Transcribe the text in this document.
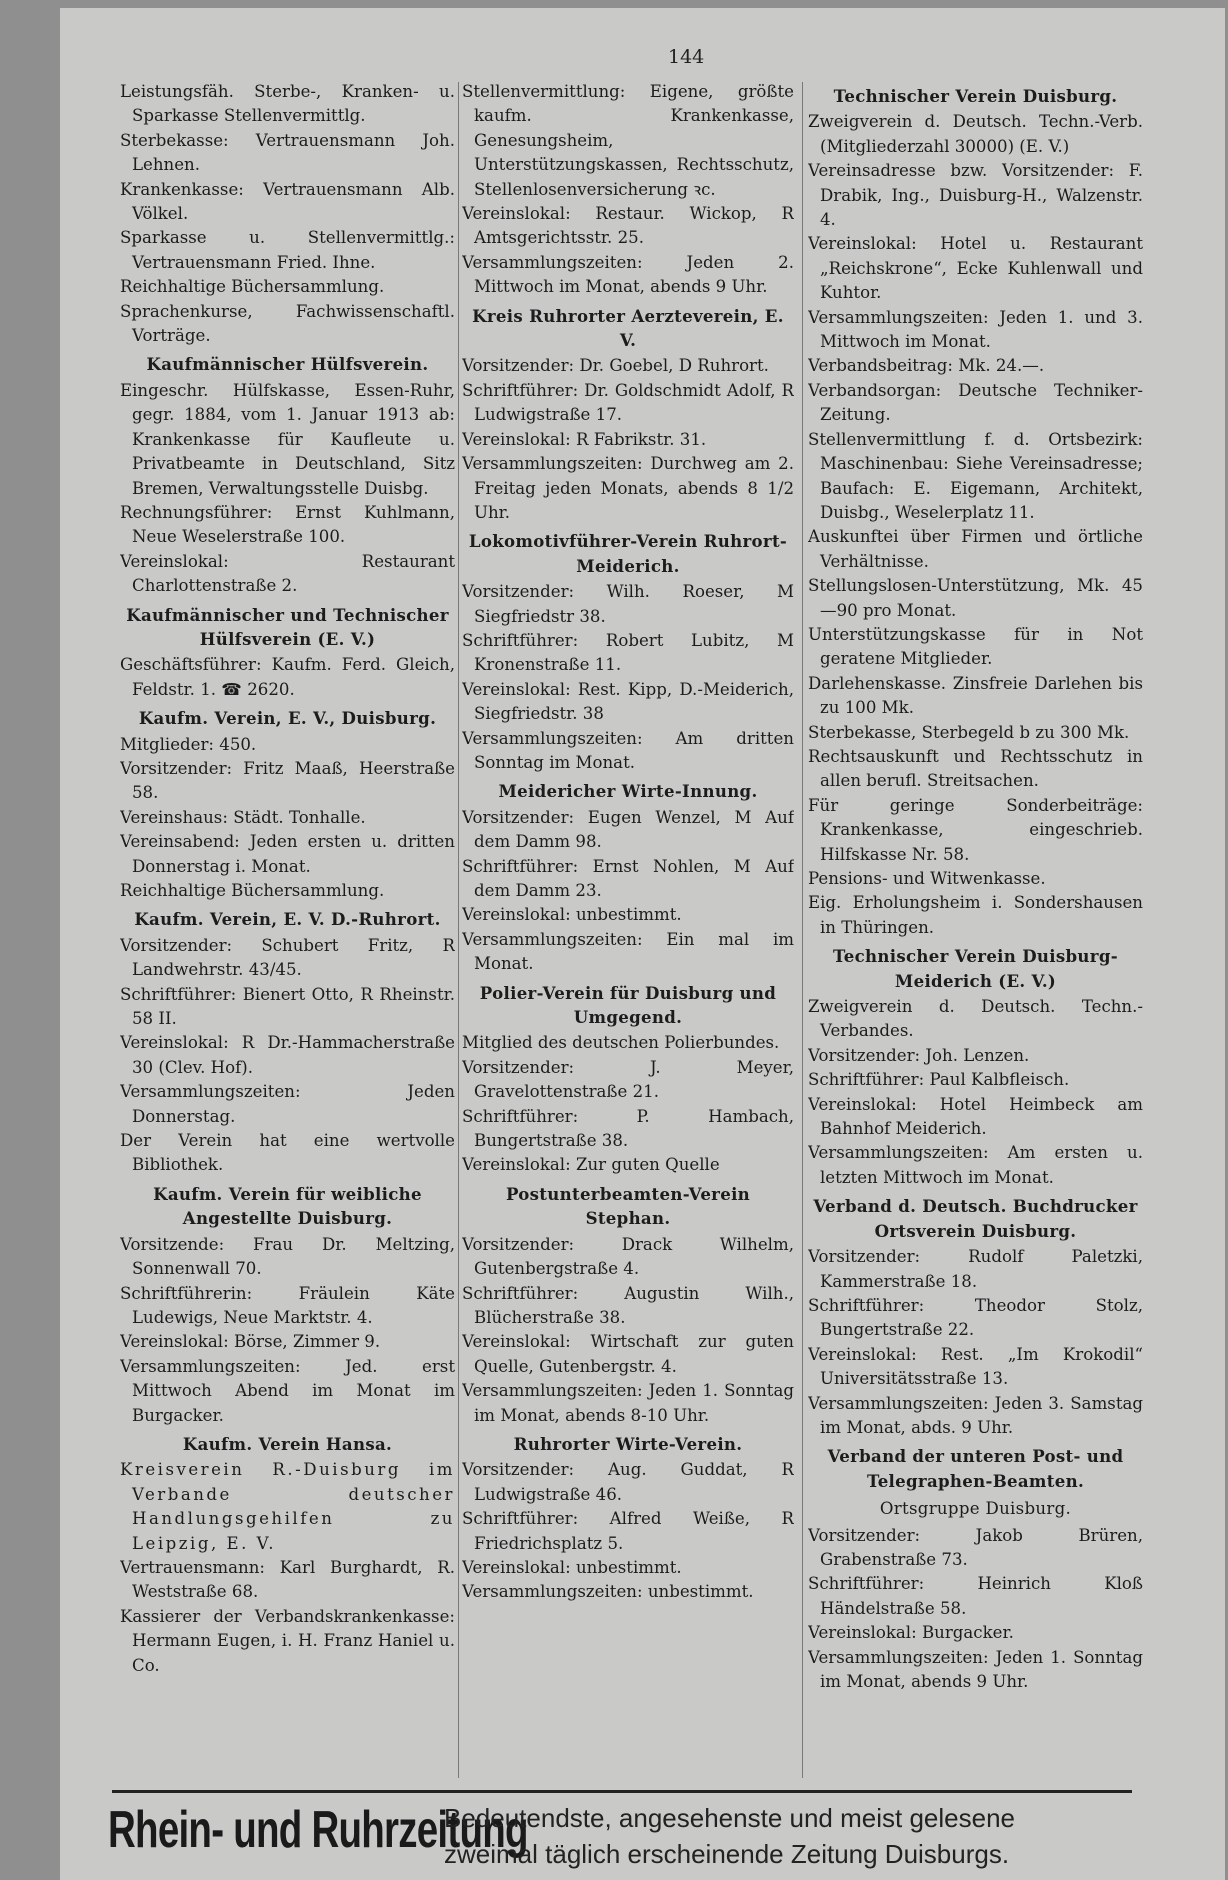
144

Leistungsfäh. Sterbe-, Kranken- u. Sparkasse Stellenvermittlg.

Sterbekasse: Vertrauensmann Joh. Lehnen.

Krankenkasse: Vertrauensmann Alb. Völkel.

Sparkasse u. Stellenvermittlg.: Vertrauensmann Fried. Ihne.

Reichhaltige Büchersammlung.

Sprachenkurse, Fachwissenschaftl. Vorträge.

Kaufmännischer Hülfsverein.

Eingeschr. Hülfskasse, Essen-Ruhr, gegr. 1884, vom 1. Januar 1913 ab: Krankenkasse für Kaufleute u. Privatbeamte in Deutschland, Sitz Bremen, Verwaltungsstelle Duisbg.

Rechnungsführer: Ernst Kuhlmann, Neue Weselerstraße 100.

Vereinslokal: Restaurant Charlottenstraße 2.

Kaufmännischer und Technischer Hülfsverein (E. V.)

Geschäftsführer: Kaufm. Ferd. Gleich, Feldstr. 1. ☎ 2620.

Kaufm. Verein, E. V., Duisburg.

Mitglieder: 450.

Vorsitzender: Fritz Maaß, Heerstraße 58.

Vereinshaus: Städt. Tonhalle.

Vereinsabend: Jeden ersten u. dritten Donnerstag i. Monat.

Reichhaltige Büchersammlung.

Kaufm. Verein, E. V. D.-Ruhrort.

Vorsitzender: Schubert Fritz, R Landwehrstr. 43/45.

Schriftführer: Bienert Otto, R Rheinstr. 58 II.

Vereinslokal: R Dr.-Hammacherstraße 30 (Clev. Hof).

Versammlungszeiten: Jeden Donnerstag.

Der Verein hat eine wertvolle Bibliothek.

Kaufm. Verein für weibliche Angestellte Duisburg.

Vorsitzende: Frau Dr. Meltzing, Sonnenwall 70.

Schriftführerin: Fräulein Käte Ludewigs, Neue Marktstr. 4.

Vereinslokal: Börse, Zimmer 9.

Versammlungszeiten: Jed. erst Mittwoch Abend im Monat im Burgacker.

Kaufm. Verein Hansa.

Kreisverein R.-Duisburg im Verbande deutscher Handlungsgehilfen zu Leipzig, E. V.

Vertrauensmann: Karl Burghardt, R. Weststraße 68.

Kassierer der Verbandskrankenkasse: Hermann Eugen, i. H. Franz Haniel u. Co.

Stellenvermittlung: Eigene, größte kaufm. Krankenkasse, Genesungsheim, Unterstützungskassen, Rechtsschutz, Stellenlosenversicherung ꝛc.

Vereinslokal: Restaur. Wickop, R Amtsgerichtsstr. 25.

Versammlungszeiten: Jeden 2. Mittwoch im Monat, abends 9 Uhr.

Kreis Ruhrorter Aerzteverein, E. V.

Vorsitzender: Dr. Goebel, D Ruhrort.

Schriftführer: Dr. Goldschmidt Adolf, R Ludwigstraße 17.

Vereinslokal: R Fabrikstr. 31.

Versammlungszeiten: Durchweg am 2. Freitag jeden Monats, abends 8 1/2 Uhr.

Lokomotivführer-Verein Ruhrort-Meiderich.

Vorsitzender: Wilh. Roeser, M Siegfriedstr 38.

Schriftführer: Robert Lubitz, M Kronenstraße 11.

Vereinslokal: Rest. Kipp, D.-Meiderich, Siegfriedstr. 38

Versammlungszeiten: Am dritten Sonntag im Monat.

Meidericher Wirte-Innung.

Vorsitzender: Eugen Wenzel, M Auf dem Damm 98.

Schriftführer: Ernst Nohlen, M Auf dem Damm 23.

Vereinslokal: unbestimmt.

Versammlungszeiten: Ein mal im Monat.

Polier-Verein für Duisburg und Umgegend.

Mitglied des deutschen Polierbundes.

Vorsitzender: J. Meyer, Gravelottenstraße 21.

Schriftführer: P. Hambach, Bungertstraße 38.

Vereinslokal: Zur guten Quelle

Postunterbeamten-Verein Stephan.

Vorsitzender: Drack Wilhelm, Gutenbergstraße 4.

Schriftführer: Augustin Wilh., Blücherstraße 38.

Vereinslokal: Wirtschaft zur guten Quelle, Gutenbergstr. 4.

Versammlungszeiten: Jeden 1. Sonntag im Monat, abends 8-10 Uhr.

Ruhrorter Wirte-Verein.

Vorsitzender: Aug. Guddat, R Ludwigstraße 46.

Schriftführer: Alfred Weiße, R Friedrichsplatz 5.

Vereinslokal: unbestimmt.

Versammlungszeiten: unbestimmt.

Technischer Verein Duisburg.

Zweigverein d. Deutsch. Techn.-Verb. (Mitgliederzahl 30000) (E. V.)

Vereinsadresse bzw. Vorsitzender: F. Drabik, Ing., Duisburg-H., Walzenstr. 4.

Vereinslokal: Hotel u. Restaurant „Reichskrone“, Ecke Kuhlenwall und Kuhtor.

Versammlungszeiten: Jeden 1. und 3. Mittwoch im Monat.

Verbandsbeitrag: Mk. 24.—.

Verbandsorgan: Deutsche Techniker-Zeitung.

Stellenvermittlung f. d. Ortsbezirk: Maschinenbau: Siehe Vereinsadresse; Baufach: E. Eigemann, Architekt, Duisbg., Weselerplatz 11.

Auskunftei über Firmen und örtliche Verhältnisse.

Stellungslosen-Unterstützung, Mk. 45—90 pro Monat.

Unterstützungskasse für in Not geratene Mitglieder.

Darlehenskasse. Zinsfreie Darlehen bis zu 100 Mk.

Sterbekasse, Sterbegeld b zu 300 Mk.

Rechtsauskunft und Rechtsschutz in allen berufl. Streitsachen.

Für geringe Sonderbeiträge: Krankenkasse, eingeschrieb. Hilfskasse Nr. 58.

Pensions- und Witwenkasse.

Eig. Erholungsheim i. Sondershausen in Thüringen.

Technischer Verein Duisburg-Meiderich (E. V.)

Zweigverein d. Deutsch. Techn.-Verbandes.

Vorsitzender: Joh. Lenzen.

Schriftführer: Paul Kalbfleisch.

Vereinslokal: Hotel Heimbeck am Bahnhof Meiderich.

Versammlungszeiten: Am ersten u. letzten Mittwoch im Monat.

Verband d. Deutsch. Buchdrucker Ortsverein Duisburg.

Vorsitzender: Rudolf Paletzki, Kammerstraße 18.

Schriftführer: Theodor Stolz, Bungertstraße 22.

Vereinslokal: Rest. „Im Krokodil“ Universitätsstraße 13.

Versammlungszeiten: Jeden 3. Samstag im Monat, abds. 9 Uhr.

Verband der unteren Post- und Telegraphen-Beamten.

Ortsgruppe Duisburg.

Vorsitzender: Jakob Brüren, Grabenstraße 73.

Schriftführer: Heinrich Kloß Händelstraße 58.

Vereinslokal: Burgacker.

Versammlungszeiten: Jeden 1. Sonntag im Monat, abends 9 Uhr.

Rhein- und Ruhrzeitung
Bedeutendste, angesehenste und meist gelesene
zweimal täglich erscheinende Zeitung Duisburgs.
